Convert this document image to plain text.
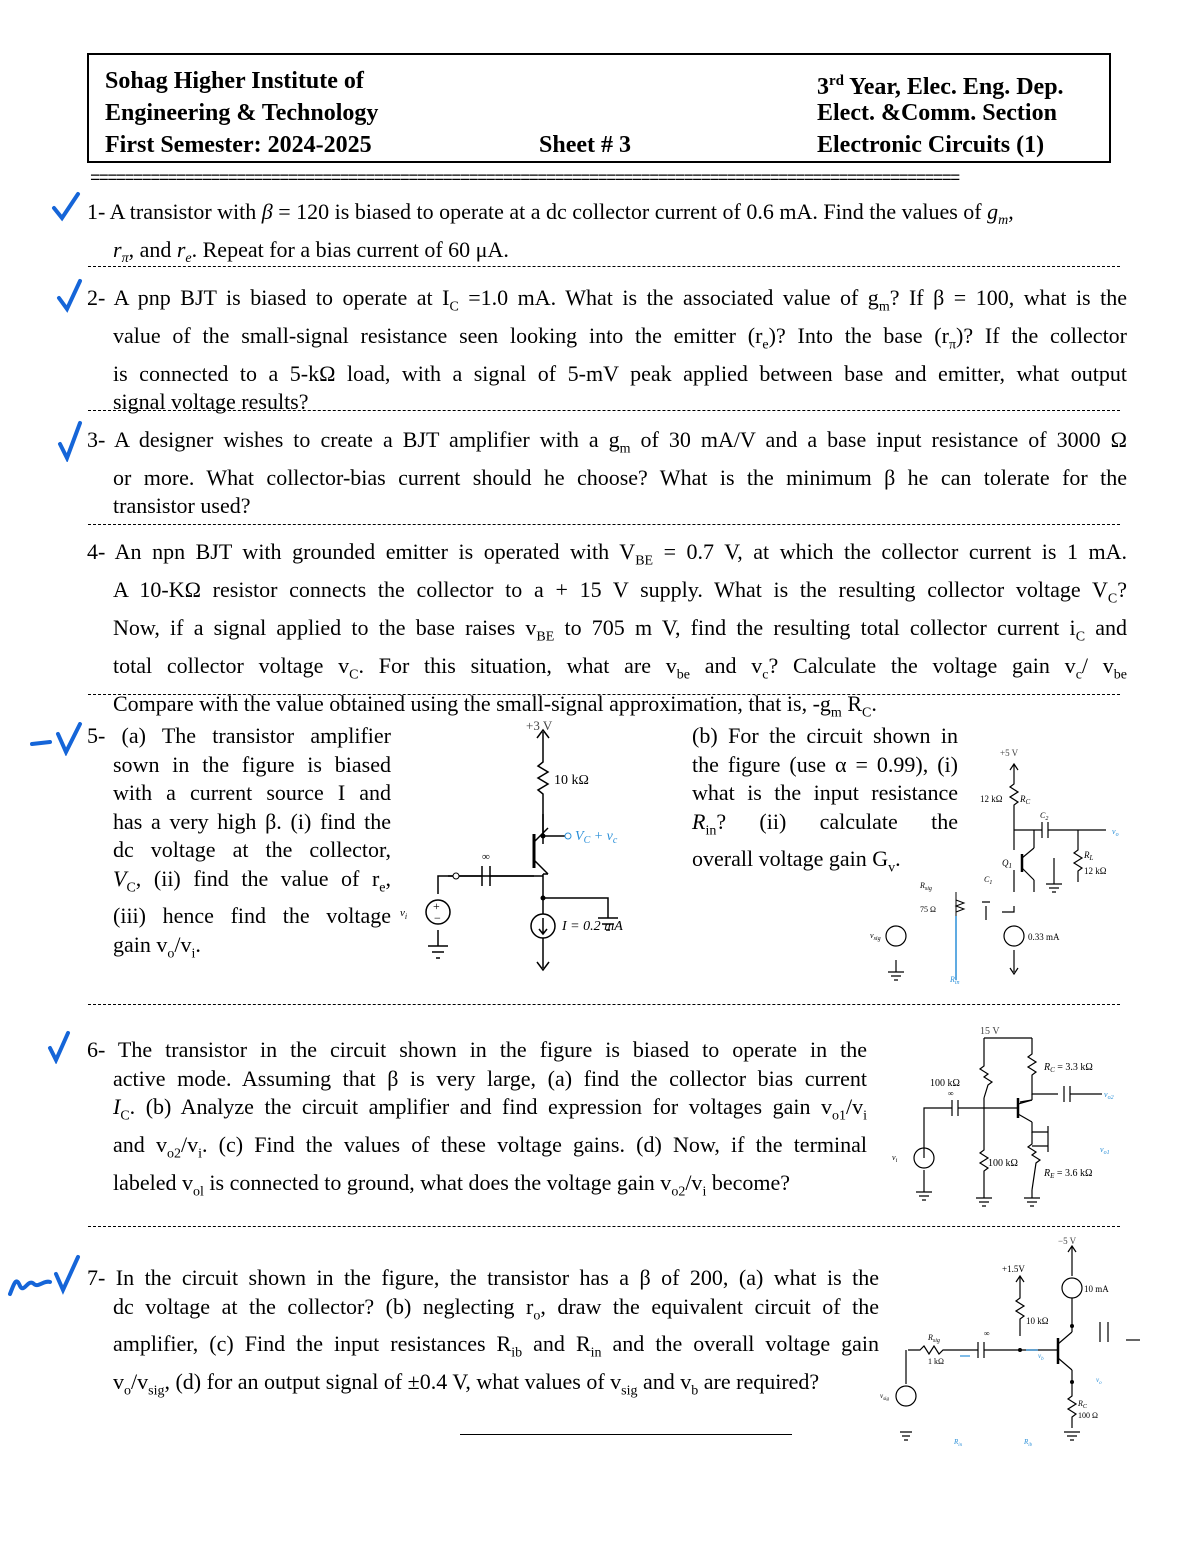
Sohag Higher Institute of
Engineering & Technology
First Semester: 2024-2025	Sheet # 3
3rd Year, Elec. Eng. Dep.
Elect. &Comm. Section
Electronic Circuits (1)
=====================================================================================================
1- A transistor with β = 120 is biased to operate at a dc collector current of 0.6 mA. Find the values of $g_m$,
$r_\pi$, and $r_e$. Repeat for a bias current of 60 μA.
2- A pnp BJT is biased to operate at $I_C =1.0$ mA. What is the associated value of $g_m$? If β = 100, what is the
value of the small-signal resistance seen looking into the emitter $(r_e)$? Into the base $(r_\pi)$? If the collector
is connected to a 5-kΩ load, with a signal of 5-mV peak applied between base and emitter, what output
signal voltage results?
3- A designer wishes to create a BJT amplifier with a $g_m$ of 30 mA/V and a base input resistance of 3000 Ω
or more. What collector-bias current should he choose? What is the minimum β he can tolerate for the
transistor used?
4- An npn BJT with grounded emitter is operated with $V_{BE} = 0.7$ V, at which the collector current is 1 mA.
A 10-KΩ resistor connects the collector to a + 15 V supply. What is the resulting collector voltage $V_C$?
Now, if a signal applied to the base raises $v_{BE}$ to 705 m V, find the resulting total collector current $i_C$ and
total collector voltage $v_C$. For this situation, what are $v_{be}$ and $v_c$? Calculate the voltage gain $v_c/$ $v_{be}$
Compare with the value obtained using the small-signal approximation, that is, $-g_m$ $R_C$.
5- (a) The transistor amplifier
sown in the figure is biased
with a current source I and
has a very high β. (i) find the
dc voltage at the collector,
$V_C$, (ii) find the value of $r_e$,
(iii) hence find the voltage
gain $v_o/v_i$.
(b) For the circuit shown in
the figure (use α = 0.99), (i)
what is the input resistance
$R_{in}$? (ii) calculate the
overall voltage gain $G_v$.
+
−
+3 V
10 kΩ
$V_C + v_c$
I = 0.2 mA
$v_i$
∞
+5 V
12 kΩ $R_C$
$R_L$
12 kΩ
$Q_1$
$R_{sig}$
75 Ω
0.33 mA
$v_{sig}$
$R_{in}$
$v_o$
$C_1$
$C_2$
6- The transistor in the circuit shown in the figure is biased to operate in the
active mode. Assuming that β is very large, (a) find the collector bias current
$I_C$. (b) Analyze the circuit amplifier and find expression for voltages gain $v_{o1}/v_i$
and $v_{o2}/v_i$. (c) Find the values of these voltage gains. (d) Now, if the terminal
labeled $v_{ol}$ is connected to ground, what does the voltage gain $v_{o2}/v_i$ become?
15 V
100 kΩ
100 kΩ
$R_C = 3.3$ kΩ
$R_E = 3.6$ kΩ
$v_{o1}$
$v_{o2}$
$v_i$
∞
7- In the circuit shown in the figure, the transistor has a β of 200, (a) what is the
dc voltage at the collector? (b) neglecting $r_o$, draw the equivalent circuit of the
amplifier, (c) Find the input resistances $R_{ib}$ and $R_{in}$ and the overall voltage gain
$v_o/v_{sig}$, (d) for an output signal of ±0.4 V, what values of $v_{sig}$ and $v_b$ are required?
−5 V
+1.5V
10 mA
10 kΩ
$R_{sig}$
1 kΩ
$R_C$
100 Ω
$v_{sig}$
$R_{in}$	$R_{ib}$
$v_o$
$v_b$
∞
